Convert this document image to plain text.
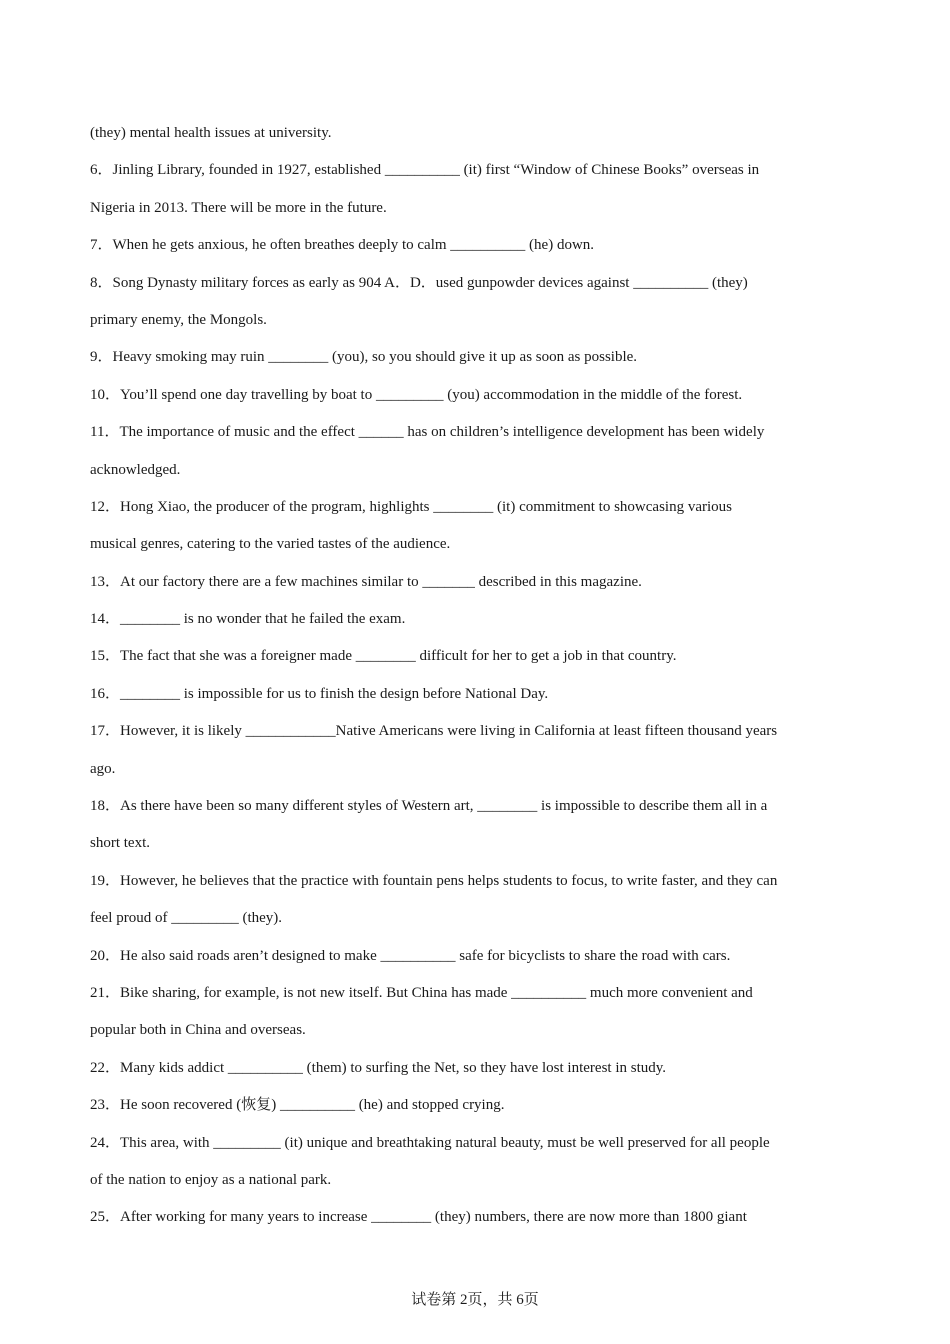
(they) mental health issues at university.
6．Jinling Library, founded in 1927, established __________ (it) first “Window of Chinese Books” overseas in
Nigeria in 2013. There will be more in the future.
7．When he gets anxious, he often breathes deeply to calm __________ (he) down.
8．Song Dynasty military forces as early as 904 A．D．used gunpowder devices against __________ (they)
primary enemy, the Mongols.
9．Heavy smoking may ruin ________ (you), so you should give it up as soon as possible.
10．You’ll spend one day travelling by boat to _________ (you) accommodation in the middle of the forest.
11．The importance of music and the effect ______ has on children’s intelligence development has been widely
acknowledged.
12．Hong Xiao, the producer of the program, highlights ________ (it) commitment to showcasing various
musical genres, catering to the varied tastes of the audience.
13．At our factory there are a few machines similar to _______ described in this magazine.
14．________ is no wonder that he failed the exam.
15．The fact that she was a foreigner made ________ difficult for her to get a job in that country.
16．________ is impossible for us to finish the design before National Day.
17．However, it is likely ____________Native Americans were living in California at least fifteen thousand years
ago.
18．As there have been so many different styles of Western art, ________ is impossible to describe them all in a
short text.
19．However, he believes that the practice with fountain pens helps students to focus, to write faster, and they can
feel proud of _________ (they).
20．He also said roads aren’t designed to make __________ safe for bicyclists to share the road with cars.
21．Bike sharing, for example, is not new itself. But China has made __________ much more convenient and
popular both in China and overseas.
22．Many kids addict __________ (them) to surfing the Net, so they have lost interest in study.
23．He soon recovered (恢复) __________ (he) and stopped crying.
24．This area, with _________ (it) unique and breathtaking natural beauty, must be well preserved for all people
of the nation to enjoy as a national park.
25．After working for many years to increase ________ (they) numbers, there are now more than 1800 giant
试卷第 2页，共 6页
